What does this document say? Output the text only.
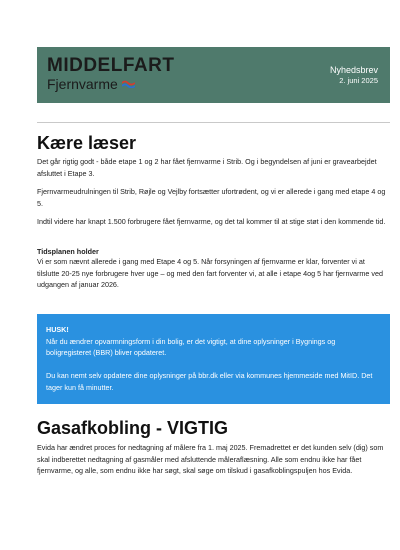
MIDDELFART
Fjernvarme
Nyhedsbrev
2. juni 2025
Kære læser

Det går rigtig godt - både etape 1 og 2 har fået fjernvarme i Strib. Og i begyndelsen af juni er gravearbejdet afsluttet i Etape 3.

Fjernvarmeudrulningen til Strib, Røjle og Vejlby fortsætter ufortrødent, og vi er allerede i gang med etape 4 og 5.

Indtil videre har knapt 1.500 forbrugere fået fjernvarme, og det tal kommer til at stige støt i den kommende tid.

Tidsplanen holder

Vi er som nævnt allerede i gang med Etape 4 og 5. Når forsyningen af fjernvarme er klar, forventer vi at tilslutte 20-25 nye forbrugere hver uge – og med den fart forventer vi, at alle i etape 4og 5 har fjernvarme ved udgangen af januar 2026.

HUSK!

Når du ændrer opvarmningsform i din bolig, er det vigtigt, at dine oplysninger i Bygnings og boligregisteret (BBR) bliver opdateret.

Du kan nemt selv opdatere dine oplysninger på bbr.dk eller via kommunes hjemmeside med MitID. Det tager kun få minutter.

Gasafkobling - VIGTIG

Evida har ændret proces for nedtagning af målere fra 1. maj 2025. Fremadrettet er det kunden selv (dig) som skal indberettet nedtagning af gasmåler med afsluttende måleraflæsning. Alle som endnu ikke har fået fjernvarme, og alle, som endnu ikke har søgt, skal søge om tilskud i gasafkoblingspuljen hos Evida.
